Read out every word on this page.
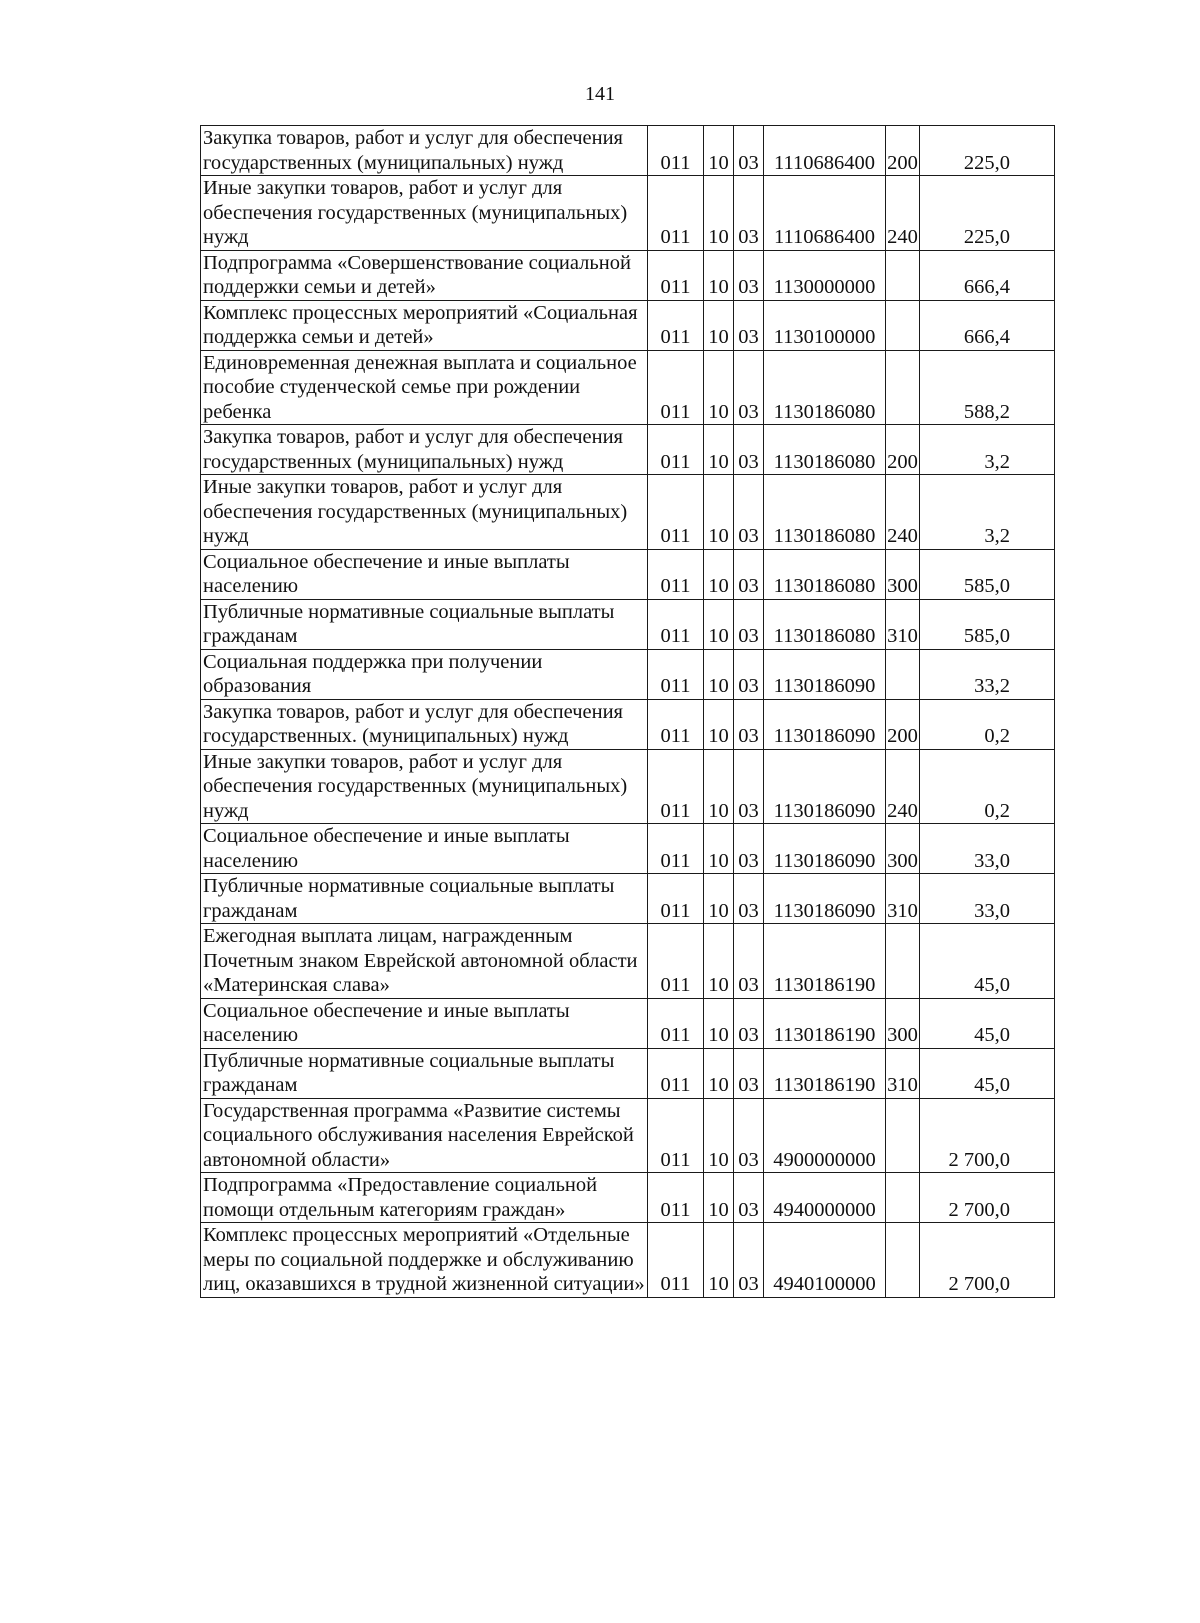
141
Закупка товаров, работ и услуг для обеспечения государственных (муниципальных) нужд	011	10	03	1110686400	200	225,0
Иные закупки товаров, работ и услуг для обеспечения государственных (муниципальных) нужд	011	10	03	1110686400	240	225,0
Подпрограмма «Совершенствование социальной поддержки семьи и детей»	011	10	03	1130000000		666,4
Комплекс процессных мероприятий «Социальная поддержка семьи и детей»	011	10	03	1130100000		666,4
Единовременная денежная выплата и социальное пособие студенческой семье при рождении ребенка	011	10	03	1130186080		588,2
Закупка товаров, работ и услуг для обеспечения государственных (муниципальных) нужд	011	10	03	1130186080	200	3,2
Иные закупки товаров, работ и услуг для обеспечения государственных (муниципальных) нужд	011	10	03	1130186080	240	3,2
Социальное обеспечение и иные выплаты населению	011	10	03	1130186080	300	585,0
Публичные нормативные социальные выплаты гражданам	011	10	03	1130186080	310	585,0
Социальная поддержка при получении образования	011	10	03	1130186090		33,2
Закупка товаров, работ и услуг для обеспечения государственных. (муниципальных) нужд	011	10	03	1130186090	200	0,2
Иные закупки товаров, работ и услуг для обеспечения государственных (муниципальных) нужд	011	10	03	1130186090	240	0,2
Социальное обеспечение и иные выплаты населению	011	10	03	1130186090	300	33,0
Публичные нормативные социальные выплаты гражданам	011	10	03	1130186090	310	33,0
Ежегодная выплата лицам, награжденным Почетным знаком Еврейской автономной области «Материнская слава»	011	10	03	1130186190		45,0
Социальное обеспечение и иные выплаты населению	011	10	03	1130186190	300	45,0
Публичные нормативные социальные выплаты гражданам	011	10	03	1130186190	310	45,0
Государственная программа «Развитие системы социального обслуживания населения Еврейской автономной области»	011	10	03	4900000000		2 700,0
Подпрограмма «Предоставление социальной помощи отдельным категориям граждан»	011	10	03	4940000000		2 700,0
Комплекс процессных мероприятий «Отдельные меры по социальной поддержке и обслуживанию лиц, оказавшихся в трудной жизненной ситуации»	011	10	03	4940100000		2 700,0
